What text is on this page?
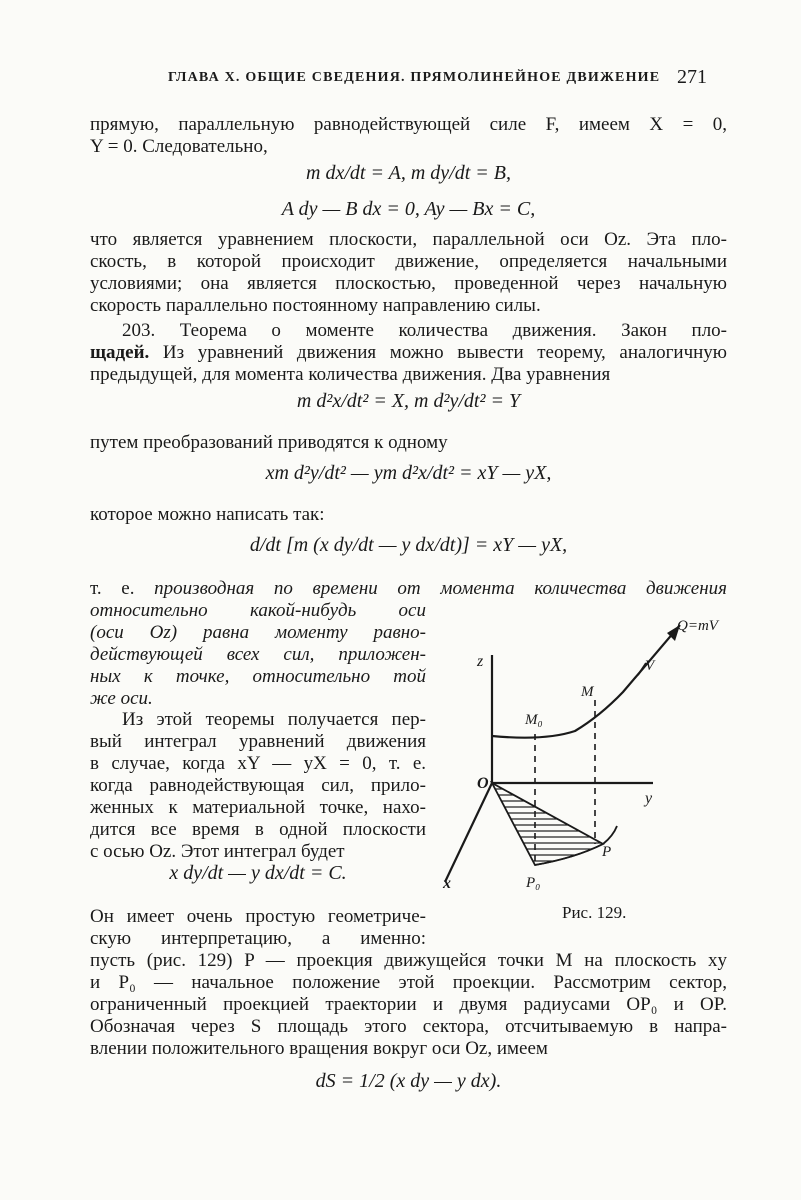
ГЛАВА X. ОБЩИЕ СВЕДЕНИЯ. ПРЯМОЛИНЕЙНОЕ ДВИЖЕНИЕ 271

прямую, параллельную равнодействующей силе F, имеем X = 0,

Y = 0. Следовательно,

m dx/dt = A, m dy/dt = B,
A dy — B dx = 0, Ay — Bx = C,

что является уравнением плоскости, параллельной оси Oz. Эта пло-

скость, в которой происходит движение, определяется начальными

условиями; она является плоскостью, проведенной через начальную

скорость параллельно постоянному направлению силы.

203. Теорема о моменте количества движения. Закон пло-

щадей. Из уравнений движения можно вывести теорему, аналогичную

предыдущей, для момента количества движения. Два уравнения

m d²x/dt² = X, m d²y/dt² = Y

путем преобразований приводятся к одному

xm d²y/dt² — ym d²x/dt² = xY — yX,

которое можно написать так:

d/dt [m (x dy/dt — y dx/dt)] = xY — yX,

т. е. производная по времени от момента количества движения

относительно какой-нибудь оси

(оси Oz) равна моменту равно-

действующей всех сил, приложен-

ных к точке, относительно той

же оси.

Из этой теоремы получается пер-

вый интеграл уравнений движения

в случае, когда xY — yX = 0, т. е.

когда равнодействующая сил, прило-

женных к материальной точке, нахо-

дится все время в одной плоскости

с осью Oz. Этот интеграл будет

x dy/dt — y dx/dt = C.

Он имеет очень простую геометриче-

скую интерпретацию, а именно:

пусть (рис. 129) P — проекция движущейся точки M на плоскость xy

и P₀ — начальное положение этой проекции. Рассмотрим сектор,

ограниченный проекцией траектории и двумя радиусами OP₀ и OP.

Обозначая через S площадь этого сектора, отсчитываемую в напра-

влении положительного вращения вокруг оси Oz, имеем

dS = 1/2 (x dy — y dx).
Q=mV
V
M
M₀
z
O
y
x
P
P₀
Рис. 129.
